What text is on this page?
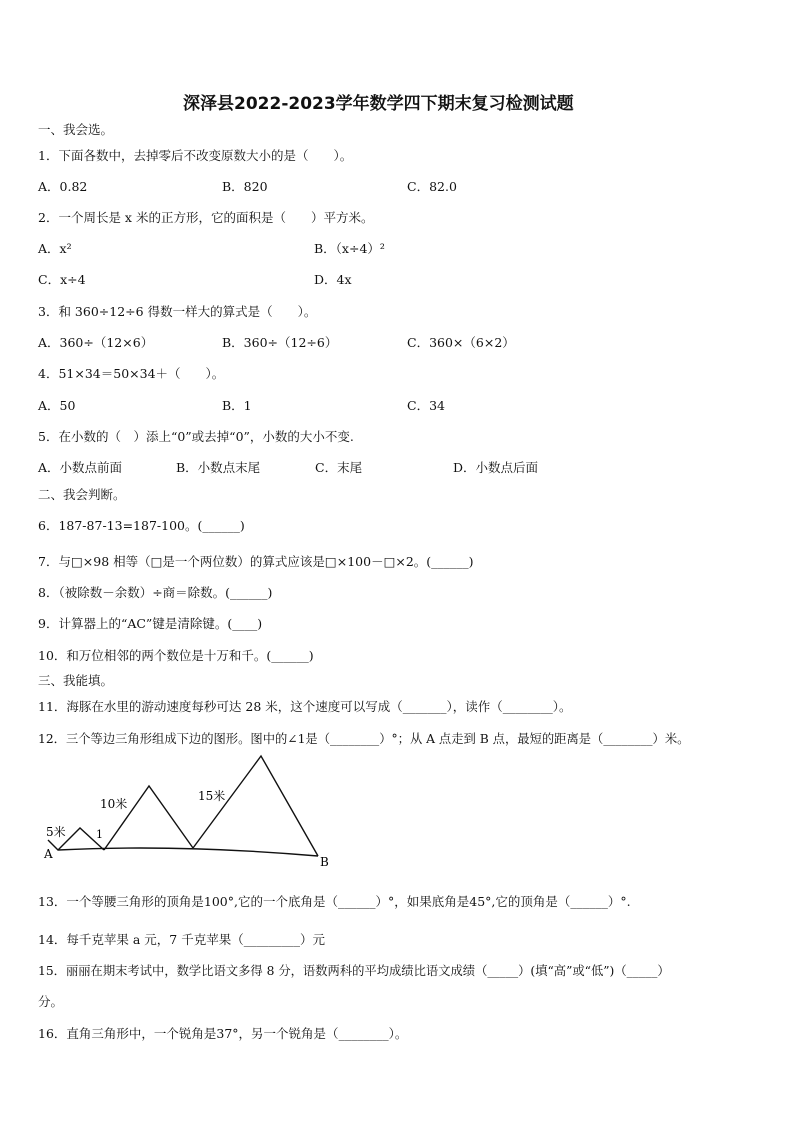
深泽县2022-2023学年数学四下期末复习检测试题
一、我会选。
1．下面各数中，去掉零后不改变原数大小的是（　　）。
A．0.82	B．820	C．82.0
2．一个周长是 x 米的正方形，它的面积是（　　）平方米。
A．x²	B．（x÷4）²
C．x÷4	D．4x
3．和 360÷12÷6 得数一样大的算式是（　　）。
A．360÷（12×6）	B．360÷（12÷6）	C．360×（6×2）
4．51×34＝50×34＋（　　）。
A．50	B．1	C．34
5．在小数的（　）添上“0”或去掉“0”，小数的大小不变.
A．小数点前面	B．小数点末尾	C．末尾	D．小数点后面
二、我会判断。
6．187-87-13=187-100。(______)
7．与□×98 相等（□是一个两位数）的算式应该是□×100－□×2。(______)
8．（被除数－余数）÷商＝除数。(______)
9．计算器上的“AC”键是清除键。(____)
10．和万位相邻的两个数位是十万和千。(______)
三、我能填。
11．海豚在水里的游动速度每秒可达 28 米，这个速度可以写成（_______），读作（________）。
12．三个等边三角形组成下边的图形。图中的∠1是（________）°；从 A 点走到 B 点，最短的距离是（________）米。
5米
10米
15米
1
A
B
13．一个等腰三角形的顶角是100°,它的一个底角是（______）°，如果底角是45°,它的顶角是（______）°.
14．每千克苹果 a 元，7 千克苹果（_________）元
15．丽丽在期末考试中，数学比语文多得 8 分，语数两科的平均成绩比语文成绩（_____）(填“高”或“低”)（_____）
分。
16．直角三角形中，一个锐角是37°，另一个锐角是（________）。
